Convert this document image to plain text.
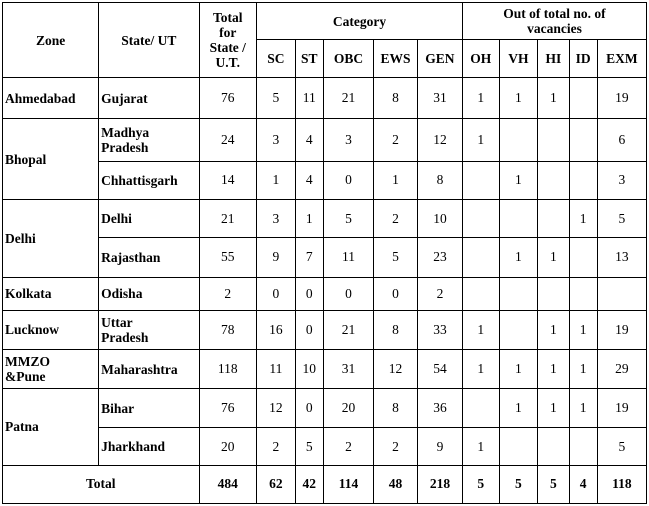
Zone	State/ UT	Total
for
State /
U.T.	Category					Out of total no. of
vacancies				
			SC	ST	OBC	EWS	GEN	OH	VH	HI	ID	EXM
Ahmedabad	Gujarat	76	5	11	21	8	31	1	1	1		19
Bhopal	Madhya
Pradesh	24	3	4	3	2	12	1				6
	Chhattisgarh	14	1	4	0	1	8		1			3
Delhi	Delhi	21	3	1	5	2	10				1	5
	Rajasthan	55	9	7	11	5	23		1	1		13
Kolkata	Odisha	2	0	0	0	0	2					
Lucknow	Uttar
Pradesh	78	16	0	21	8	33	1		1	1	19
MMZO
&Pune	Maharashtra	118	11	10	31	12	54	1	1	1	1	29
Patna	Bihar	76	12	0	20	8	36		1	1	1	19
	Jharkhand	20	2	5	2	2	9	1				5
Total		484	62	42	114	48	218	5	5	5	4	118
